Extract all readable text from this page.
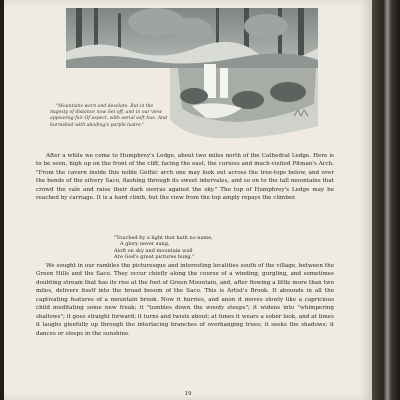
"Mountains worn and desolate, But in the majesty of distance now Set off, and in our view appearing fair Of aspect, with aerial soft hue, And burnished with aboding's purple lustre."
After a while we come to Humphrey's Ledge, about two miles north of the Cathedral Ledge. Here is to be seen, high up on the front of the cliff, facing the east, the curious and much-visited Pitman's Arch. "From the cavern inside this noble Gothic arch one may look out across the tree-tops below, and over the bends of the silvery Saco, flashing through its sweet intervales, and so on to the tall mountains that crowd the vale and raise their dark sierras against the sky." The top of Humphrey's Ledge may be reached by carriage. It is a hard climb, but the view from the top amply repays the climber.
"Touched by a light that hath no name,
A glory never sung,
Aloft on sky and mountain wall
Are God's great pictures hung."
We sought in our rambles the picturesque and interesting localities south of the village, between the Green Hills and the Saco. They occur chiefly along the course of a winding, gurgling, and sometimes doubting stream that has its rise at the foot of Green Mountain, and, after flowing a little more than two miles, delivers itself into the broad bosom of the Saco. This is Artist's Brook. It abounds in all the captivating features of a mountain brook. Now it hurries, and anon it moves slowly like a capricious child meditating some new freak; it "tumbles down the woody steeps"; it widens into "whimpering shallows"; it goes straight forward; it turns and twists about; at times it wears a sober look, and at times it laughs gleefully up through the interlacing branches of overhanging trees; it seeks the shadows; it dances or sleeps in the sunshine.
19
